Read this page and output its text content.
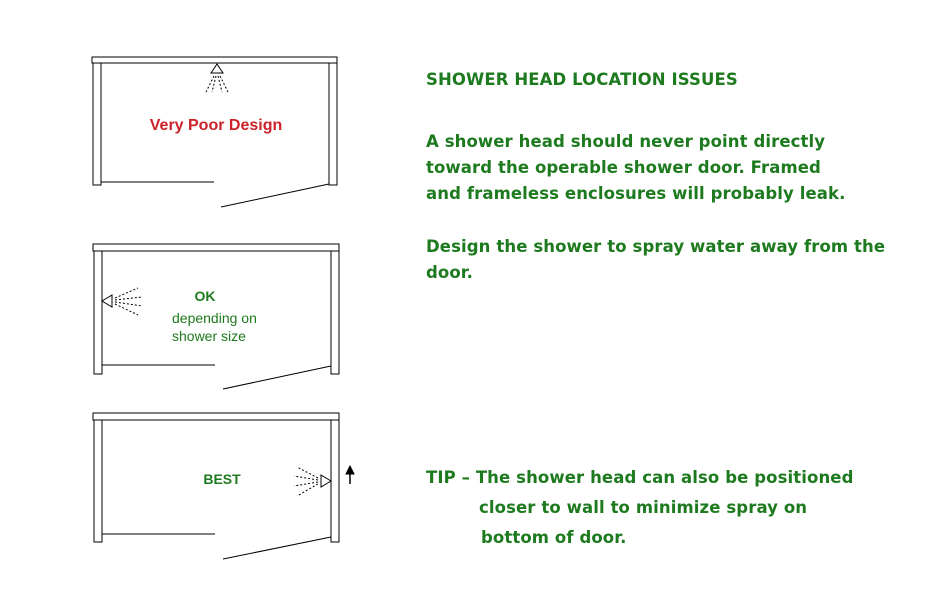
Very Poor Design
OK
depending on
shower size
BEST
SHOWER HEAD LOCATION ISSUES
A shower head should never point directly
toward the operable shower door. Framed
and frameless enclosures will probably leak.
Design the shower to spray water away from the
door.
TIP – The shower head can also be positioned
closer to wall to minimize spray on
bottom of door.
